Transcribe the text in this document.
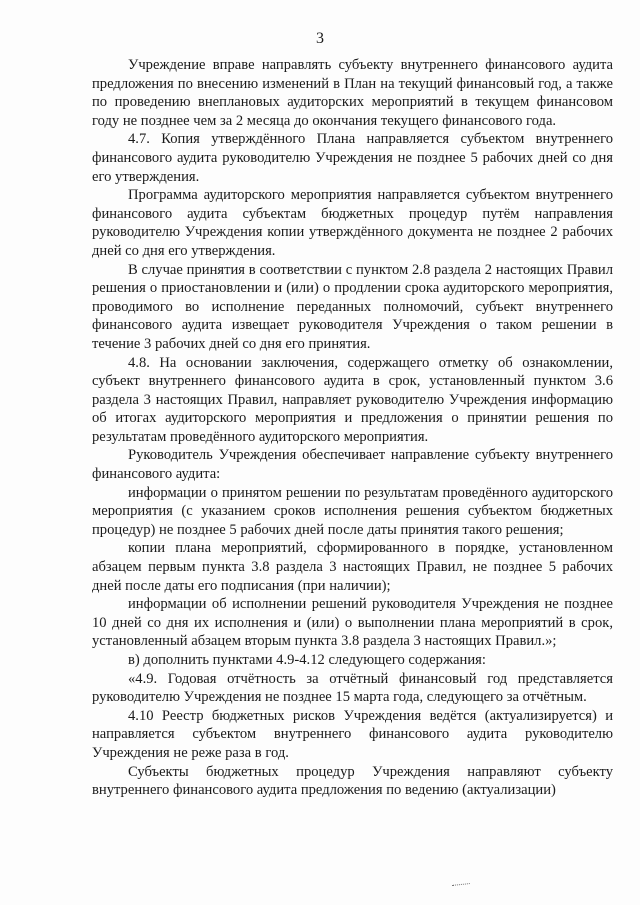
3

Учреждение вправе направлять субъекту внутреннего финансового аудита предложения по внесению изменений в План на текущий финансовый год, а также по проведению внеплановых аудиторских мероприятий в текущем финансовом году не позднее чем за 2 месяца до окончания текущего финансового года.

4.7. Копия утверждённого Плана направляется субъектом внутреннего финансового аудита руководителю Учреждения не позднее 5 рабочих дней со дня его утверждения.

Программа аудиторского мероприятия направляется субъектом внутреннего финансового аудита субъектам бюджетных процедур путём направления руководителю Учреждения копии утверждённого документа не позднее 2 рабочих дней со дня его утверждения.

В случае принятия в соответствии с пунктом 2.8 раздела 2 настоящих Правил решения о приостановлении и (или) о продлении срока аудиторского мероприятия, проводимого во исполнение переданных полномочий, субъект внутреннего финансового аудита извещает руководителя Учреждения о таком решении в течение 3 рабочих дней со дня его принятия.

4.8. На основании заключения, содержащего отметку об ознакомлении, субъект внутреннего финансового аудита в срок, установленный пунктом 3.6 раздела 3 настоящих Правил, направляет руководителю Учреждения информацию об итогах аудиторского мероприятия и предложения о принятии решения по результатам проведённого аудиторского мероприятия.

Руководитель Учреждения обеспечивает направление субъекту внутреннего финансового аудита:

информации о принятом решении по результатам проведённого аудиторского мероприятия (с указанием сроков исполнения решения субъектом бюджетных процедур) не позднее 5 рабочих дней после даты принятия такого решения;

копии плана мероприятий, сформированного в порядке, установленном абзацем первым пункта 3.8 раздела 3 настоящих Правил, не позднее 5 рабочих дней после даты его подписания (при наличии);

информации об исполнении решений руководителя Учреждения не позднее 10 дней со дня их исполнения и (или) о выполнении плана мероприятий в срок, установленный абзацем вторым пункта 3.8 раздела 3 настоящих Правил.»;

в) дополнить пунктами 4.9-4.12 следующего содержания:

«4.9. Годовая отчётность за отчётный финансовый год представляется руководителю Учреждения не позднее 15 марта года, следующего за отчётным.

4.10 Реестр бюджетных рисков Учреждения ведётся (актуализируется) и направляется субъектом внутреннего финансового аудита руководителю Учреждения не реже раза в год.

Субъекты бюджетных процедур Учреждения направляют субъекту внутреннего финансового аудита предложения по ведению (актуализации)
